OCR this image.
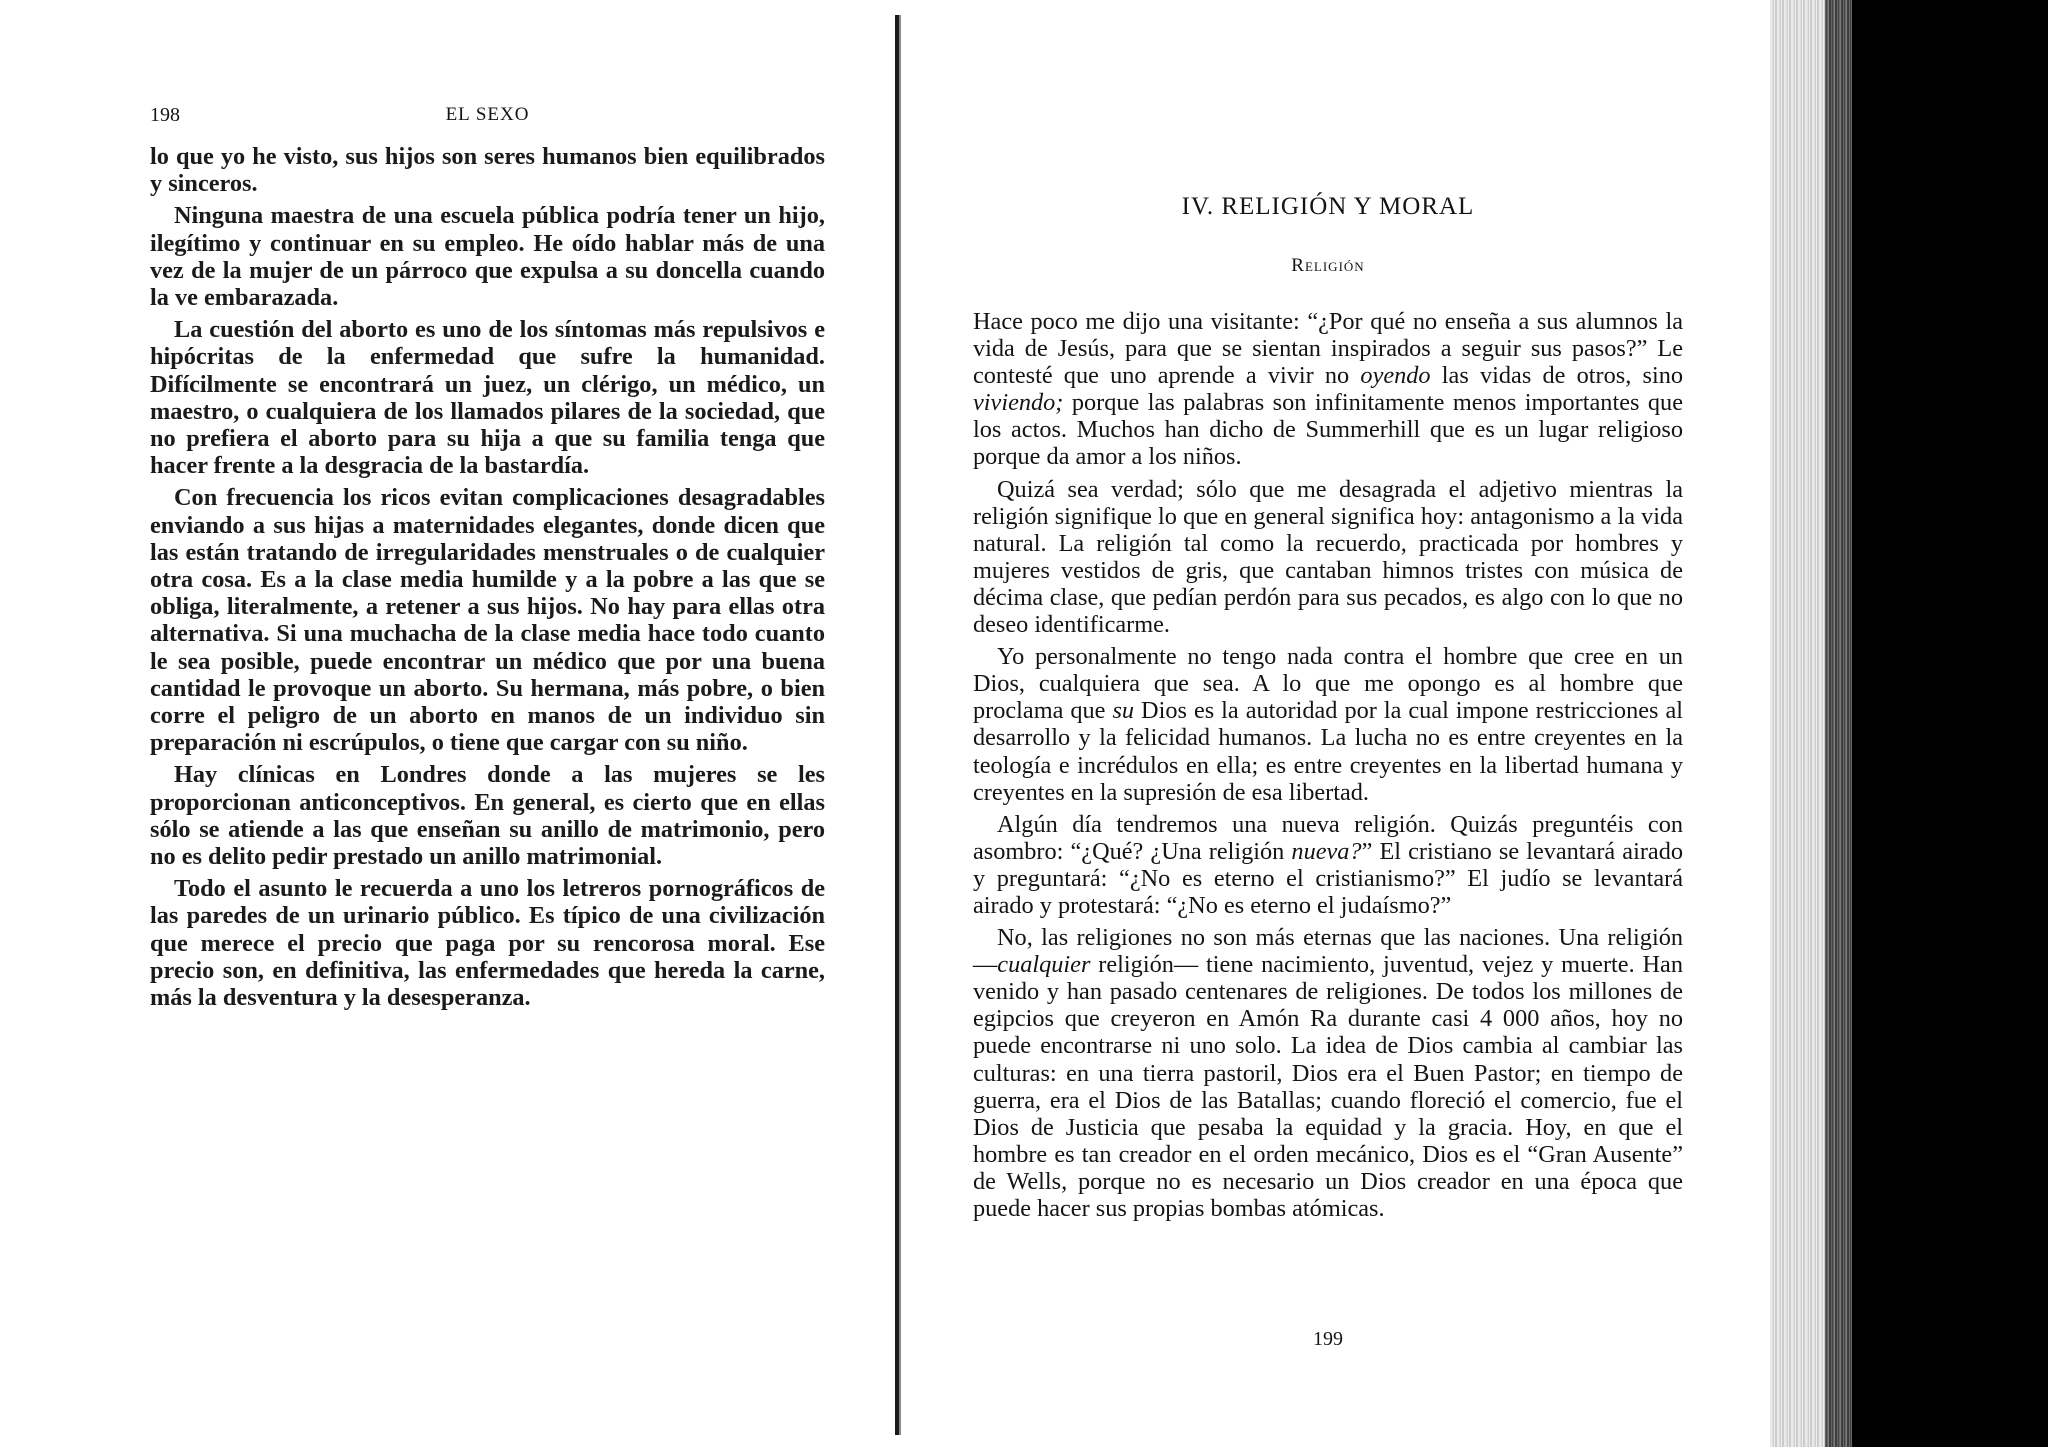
198	EL SEXO

lo que yo he visto, sus hijos son seres humanos bien equilibrados y sinceros.

Ninguna maestra de una escuela pública podría tener un hijo, ilegítimo y continuar en su empleo. He oído hablar más de una vez de la mujer de un párroco que expulsa a su doncella cuando la ve embarazada.

La cuestión del aborto es uno de los síntomas más repulsivos e hipócritas de la enfermedad que sufre la humanidad. Difícilmente se encontrará un juez, un clérigo, un médico, un maestro, o cualquiera de los llamados pilares de la sociedad, que no prefiera el aborto para su hija a que su familia tenga que hacer frente a la desgracia de la bastardía.

Con frecuencia los ricos evitan complicaciones desagradables enviando a sus hijas a maternidades elegantes, donde dicen que las están tratando de irregularidades menstruales o de cualquier otra cosa. Es a la clase media humilde y a la pobre a las que se obliga, literalmente, a retener a sus hijos. No hay para ellas otra alternativa. Si una muchacha de la clase media hace todo cuanto le sea posible, puede encontrar un médico que por una buena cantidad le provoque un aborto. Su hermana, más pobre, o bien corre el peligro de un aborto en manos de un individuo sin preparación ni escrúpulos, o tiene que cargar con su niño.

Hay clínicas en Londres donde a las mujeres se les proporcionan anticonceptivos. En general, es cierto que en ellas sólo se atiende a las que enseñan su anillo de matrimonio, pero no es delito pedir prestado un anillo matrimonial.

Todo el asunto le recuerda a uno los letreros pornográficos de las paredes de un urinario público. Es típico de una civilización que merece el precio que paga por su rencorosa moral. Ese precio son, en definitiva, las enfermedades que hereda la carne, más la desventura y la desesperanza.

IV. RELIGIÓN Y MORAL
Religión

Hace poco me dijo una visitante: “¿Por qué no enseña a sus alumnos la vida de Jesús, para que se sientan inspirados a seguir sus pasos?” Le contesté que uno aprende a vivir no oyendo las vidas de otros, sino viviendo; porque las palabras son infinitamente menos importantes que los actos. Muchos han dicho de Summerhill que es un lugar religioso porque da amor a los niños.

Quizá sea verdad; sólo que me desagrada el adjetivo mientras la religión signifique lo que en general significa hoy: antagonismo a la vida natural. La religión tal como la recuerdo, practicada por hombres y mujeres vestidos de gris, que cantaban himnos tristes con música de décima clase, que pedían perdón para sus pecados, es algo con lo que no deseo identificarme.

Yo personalmente no tengo nada contra el hombre que cree en un Dios, cualquiera que sea. A lo que me opongo es al hombre que proclama que su Dios es la autoridad por la cual impone restricciones al desarrollo y la felicidad humanos. La lucha no es entre creyentes en la teología e incrédulos en ella; es entre creyentes en la libertad humana y creyentes en la supresión de esa libertad.

Algún día tendremos una nueva religión. Quizás preguntéis con asombro: “¿Qué? ¿Una religión nueva?” El cristiano se levantará airado y preguntará: “¿No es eterno el cristianismo?” El judío se levantará airado y protestará: “¿No es eterno el judaísmo?”

No, las religiones no son más eternas que las naciones. Una religión —cualquier religión— tiene nacimiento, juventud, vejez y muerte. Han venido y han pasado centenares de religiones. De todos los millones de egipcios que creyeron en Amón Ra durante casi 4 000 años, hoy no puede encontrarse ni uno solo. La idea de Dios cambia al cambiar las culturas: en una tierra pastoril, Dios era el Buen Pastor; en tiempo de guerra, era el Dios de las Batallas; cuando floreció el comercio, fue el Dios de Justicia que pesaba la equidad y la gracia. Hoy, en que el hombre es tan creador en el orden mecánico, Dios es el “Gran Ausente” de Wells, porque no es necesario un Dios creador en una época que puede hacer sus propias bombas atómicas.

199
